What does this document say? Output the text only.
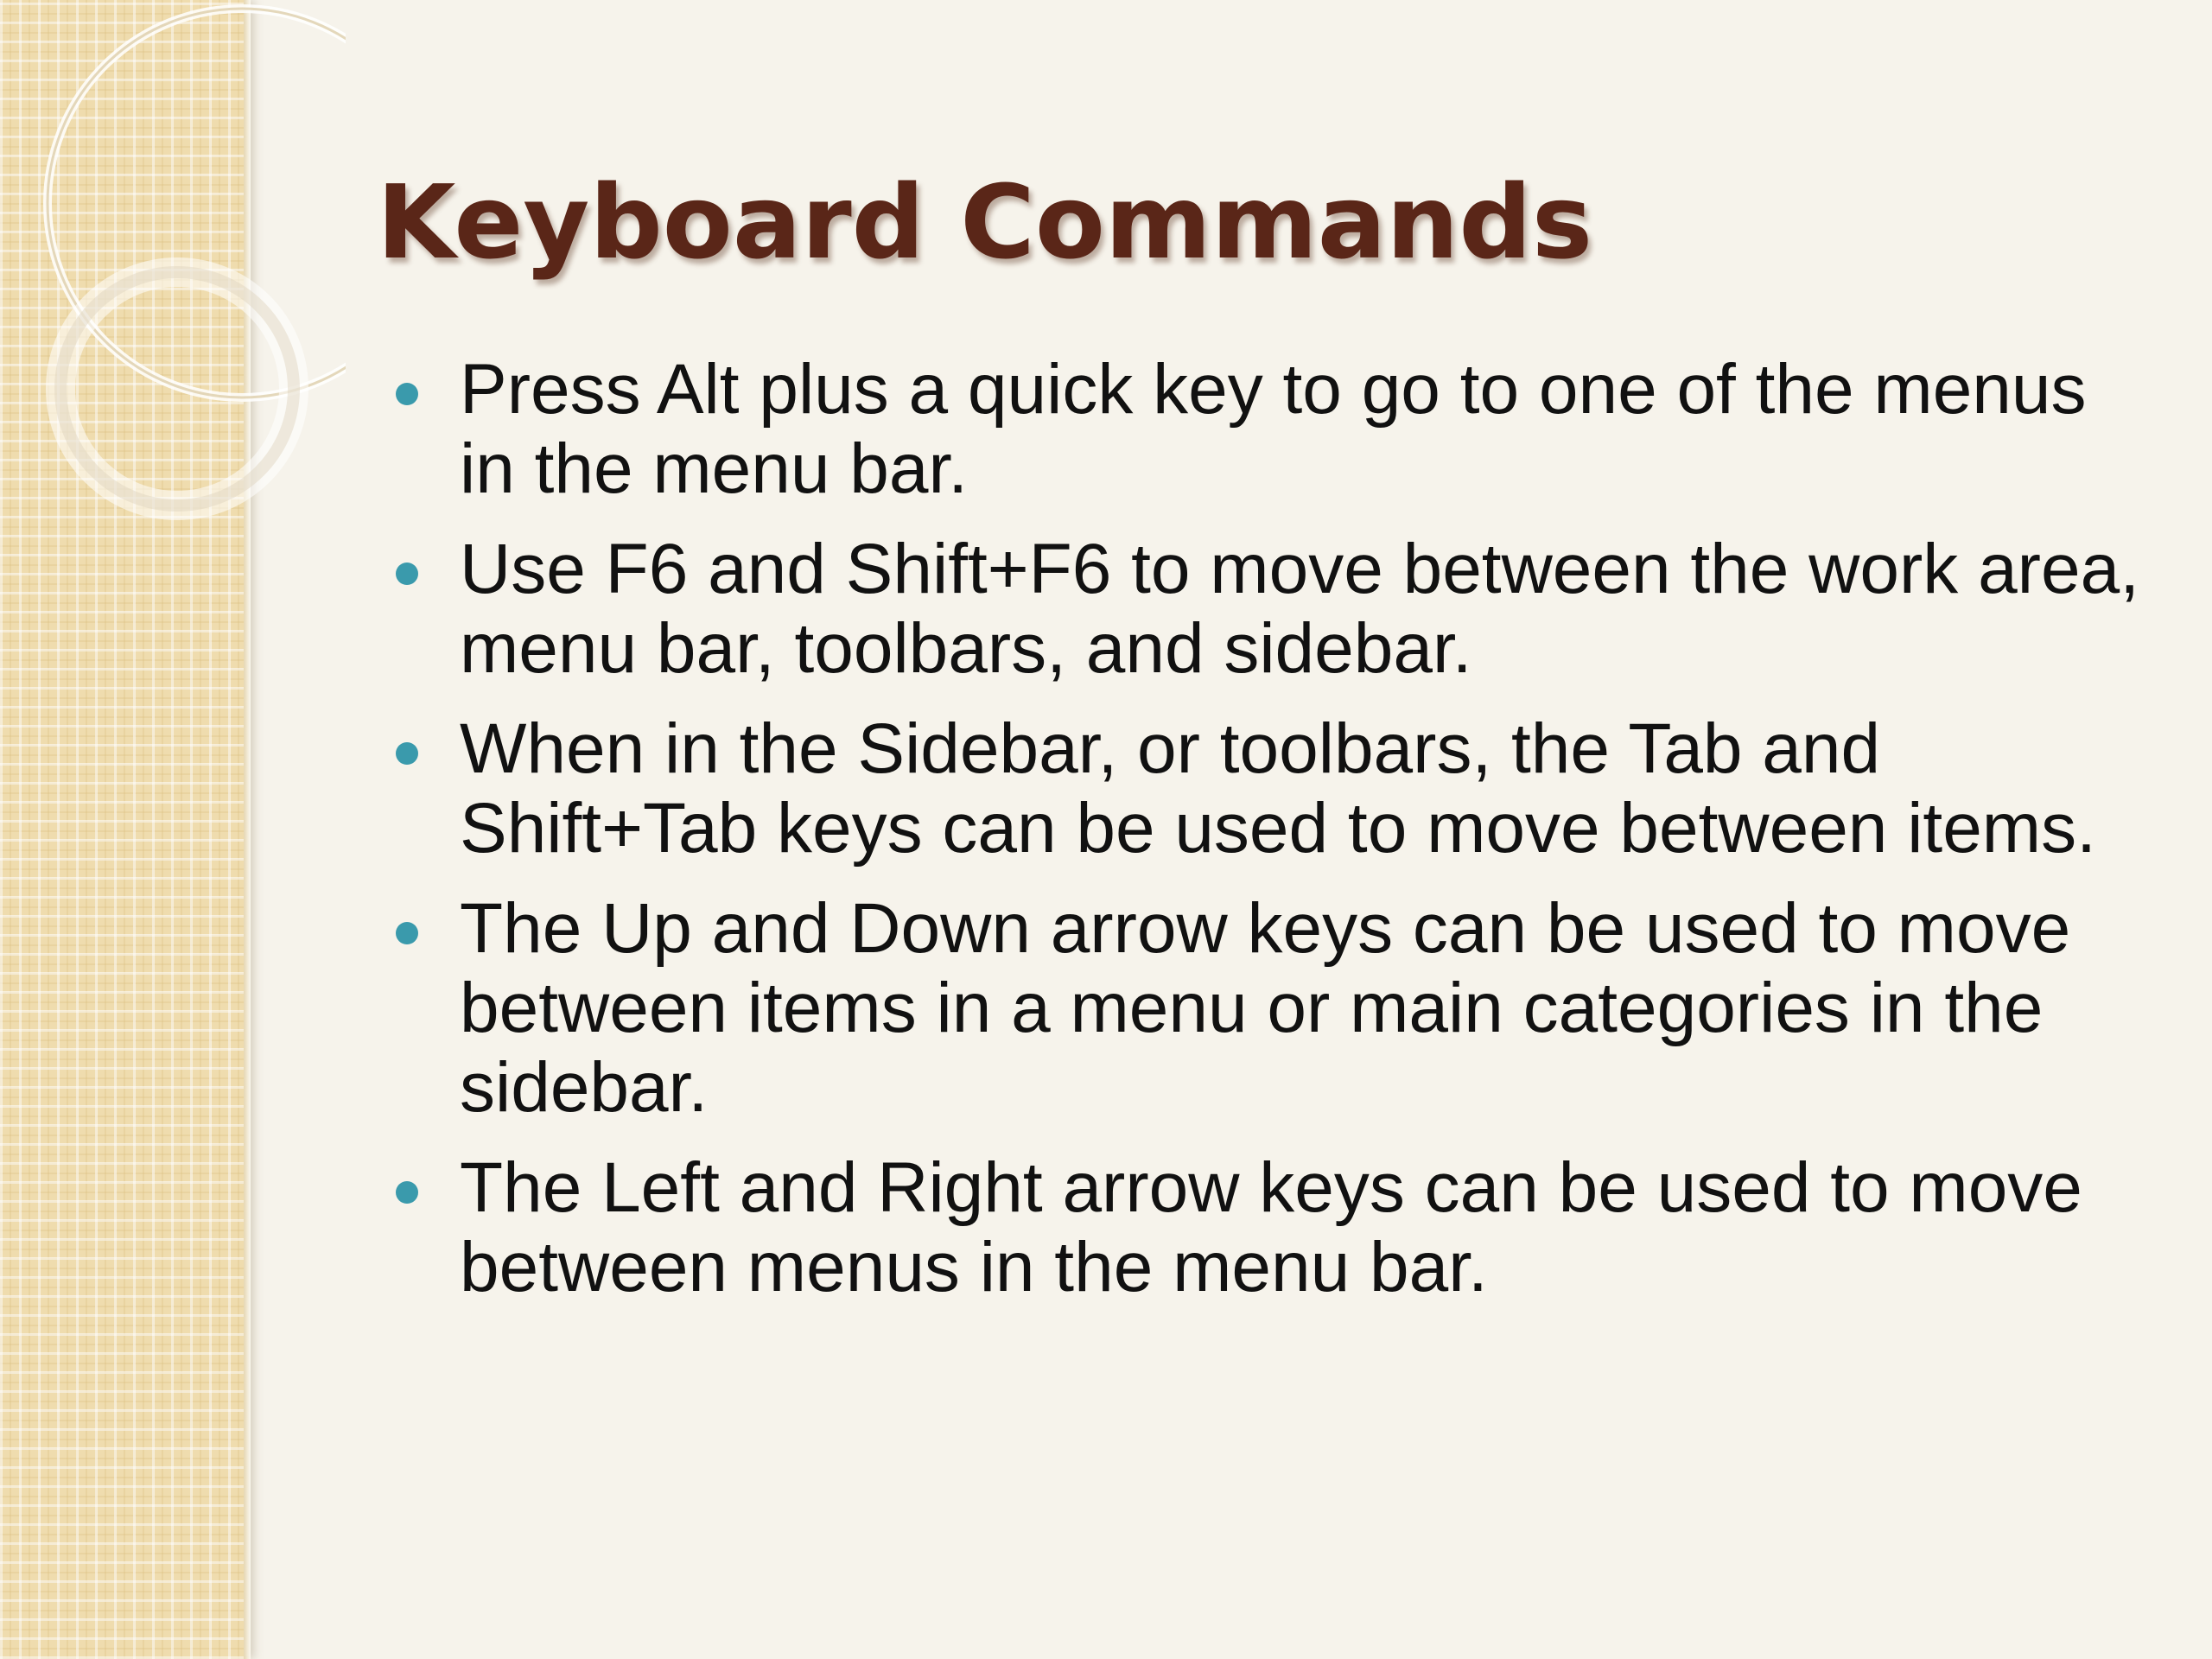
Keyboard Commands
Press Alt plus a quick key to go to one of the menus in the menu bar.
Use F6 and Shift+F6 to move between the work area, menu bar, toolbars, and sidebar.
When in the Sidebar, or toolbars, the Tab and Shift+Tab keys can be used to move between items.
The Up and Down arrow keys can be used to move between items in a menu or main categories in the sidebar.
The Left and Right arrow keys can be used to move between menus in the menu bar.
